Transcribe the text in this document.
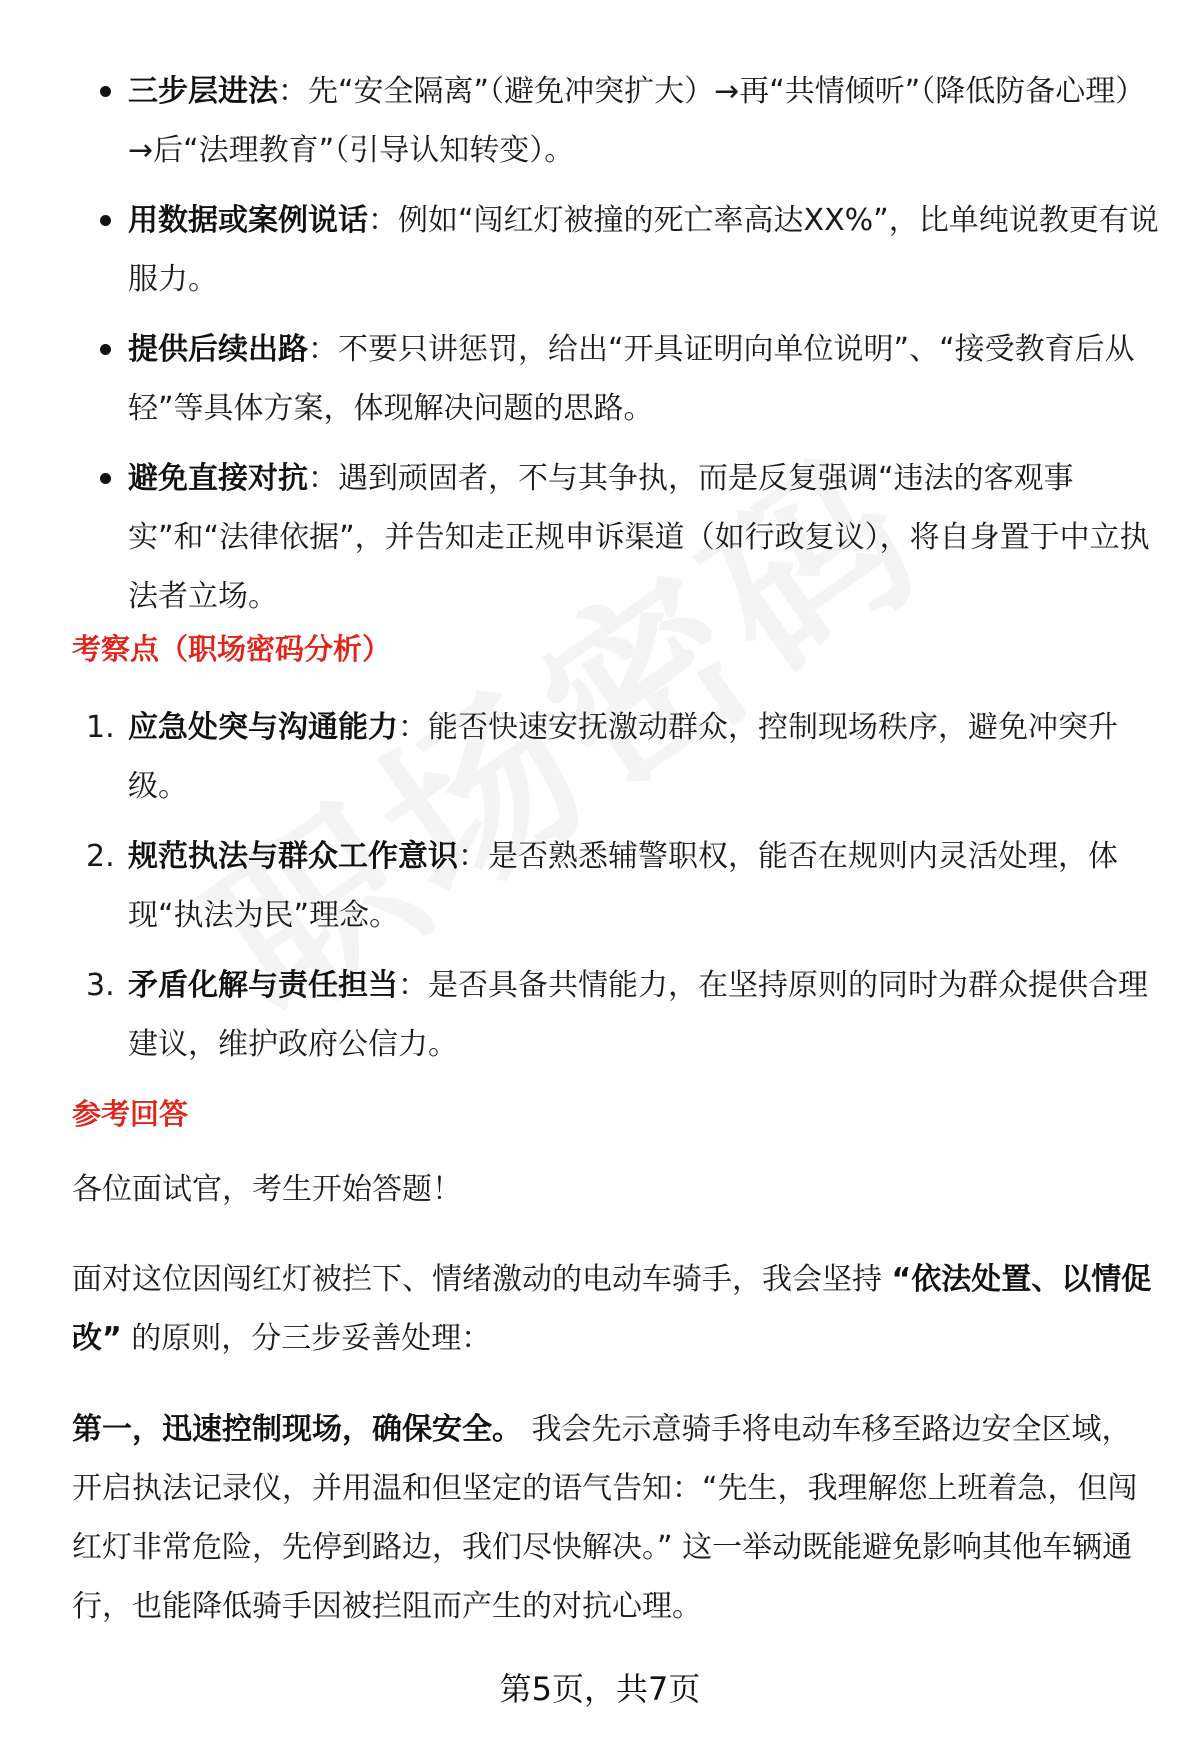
三步层进法：先“安全隔离”（避免冲突扩大）→再“共情倾听”（降低防备心理）→后“法理教育”（引导认知转变）。
用数据或案例说话：例如“闯红灯被撞的死亡率高达XX%”，比单纯说教更有说服力。
提供后续出路：不要只讲惩罚，给出“开具证明向单位说明”、“接受教育后从轻”等具体方案，体现解决问题的思路。
避免直接对抗：遇到顽固者，不与其争执，而是反复强调“违法的客观事实”和“法律依据”，并告知走正规申诉渠道（如行政复议），将自身置于中立执法者立场。
考察点（职场密码分析）
1. 应急处突与沟通能力：能否快速安抚激动群众，控制现场秩序，避免冲突升级。
2. 规范执法与群众工作意识：是否熟悉辅警职权，能否在规则内灵活处理，体现“执法为民”理念。
3. 矛盾化解与责任担当：是否具备共情能力，在坚持原则的同时为群众提供合理建议，维护政府公信力。
参考回答
各位面试官，考生开始答题！
面对这位因闯红灯被拦下、情绪激动的电动车骑手，我会坚持 “依法处置、以情促改” 的原则，分三步妥善处理：
第一，迅速控制现场，确保安全。 我会先示意骑手将电动车移至路边安全区域，开启执法记录仪，并用温和但坚定的语气告知：“先生，我理解您上班着急，但闯红灯非常危险，先停到路边，我们尽快解决。” 这一举动既能避免影响其他车辆通行，也能降低骑手因被拦阻而产生的对抗心理。
第5页，共7页
